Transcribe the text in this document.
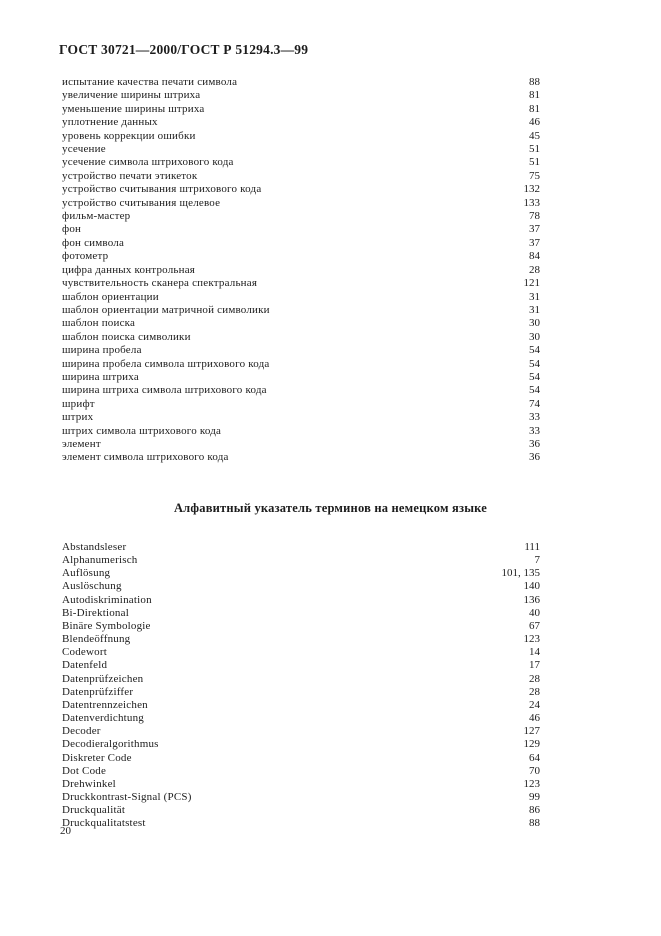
ГОСТ 30721—2000/ГОСТ Р 51294.3—99
испытание качества печати символа	88
увеличение ширины штриха	81
уменьшение ширины штриха	81
уплотнение данных	46
уровень коррекции ошибки	45
усечение	51
усечение символа штрихового кода	51
устройство печати этикеток	75
устройство считывания штрихового кода	132
устройство считывания щелевое	133
фильм-мастер	78
фон	37
фон символа	37
фотометр	84
цифра данных контрольная	28
чувствительность сканера спектральная	121
шаблон ориентации	31
шаблон ориентации матричной символики	31
шаблон поиска	30
шаблон поиска символики	30
ширина пробела	54
ширина пробела символа штрихового кода	54
ширина штриха	54
ширина штриха символа штрихового кода	54
шрифт	74
штрих	33
штрих символа штрихового кода	33
элемент	36
элемент символа штрихового кода	36
Алфавитный указатель терминов на немецком языке
Abstandsleser	111
Alphanumerisch	7
Auflösung	101, 135
Auslöschung	140
Autodiskrimination	136
Bi-Direktional	40
Binäre Symbologie	67
Blendeöffnung	123
Codewort	14
Datenfeld	17
Datenprüfzeichen	28
Datenprüfziffer	28
Datentrennzeichen	24
Datenverdichtung	46
Decoder	127
Decodieralgorithmus	129
Diskreter Code	64
Dot Code	70
Drehwinkel	123
Druckkontrast-Signal (PCS)	99
Druckqualität	86
Druckqualitatstest	88
20
